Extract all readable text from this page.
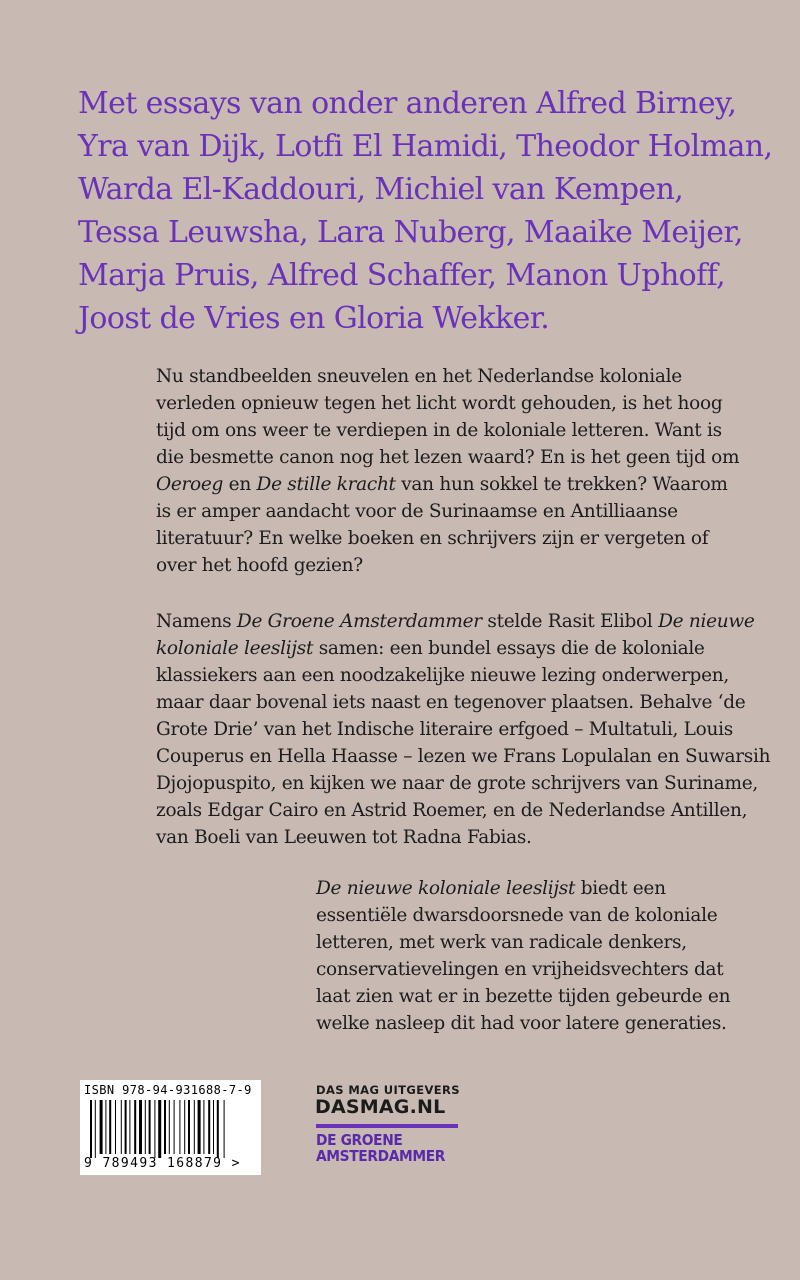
Met essays van onder anderen Alfred Birney,
Yra van Dijk, Lotfi El Hamidi, Theodor Holman,
Warda El-Kaddouri, Michiel van Kempen,
Tessa Leuwsha, Lara Nuberg, Maaike Meijer,
Marja Pruis, Alfred Schaffer, Manon Uphoff,
Joost de Vries en Gloria Wekker.

Nu standbeelden sneuvelen en het Nederlandse koloniale
verleden opnieuw tegen het licht wordt gehouden, is het hoog
tijd om ons weer te verdiepen in de koloniale letteren. Want is
die besmette canon nog het lezen waard? En is het geen tijd om
Oeroeg en De stille kracht van hun sokkel te trekken? Waarom
is er amper aandacht voor de Surinaamse en Antilliaanse
literatuur? En welke boeken en schrijvers zijn er vergeten of
over het hoofd gezien?

Namens De Groene Amsterdammer stelde Rasit Elibol De nieuwe
koloniale leeslijst samen: een bundel essays die de koloniale
klassiekers aan een noodzakelijke nieuwe lezing onderwerpen,
maar daar bovenal iets naast en tegenover plaatsen. Behalve ‘de
Grote Drie’ van het Indische literaire erfgoed – Multatuli, Louis
Couperus en Hella Haasse – lezen we Frans Lopulalan en Suwarsih
Djojopuspito, en kijken we naar de grote schrijvers van Suriname,
zoals Edgar Cairo en Astrid Roemer, en de Nederlandse Antillen,
van Boeli van Leeuwen tot Radna Fabias.

De nieuwe koloniale leeslijst biedt een
essentiële dwarsdoorsnede van de koloniale
letteren, met werk van radicale denkers,
conservatievelingen en vrijheidsvechters dat
laat zien wat er in bezette tijden gebeurde en
welke nasleep dit had voor latere generaties.

ISBN 978-94-931688-7-9
9 789493 168879 >
DAS MAG UITGEVERS
DASMAG.NL
DE GROENE
AMSTERDAMMER
